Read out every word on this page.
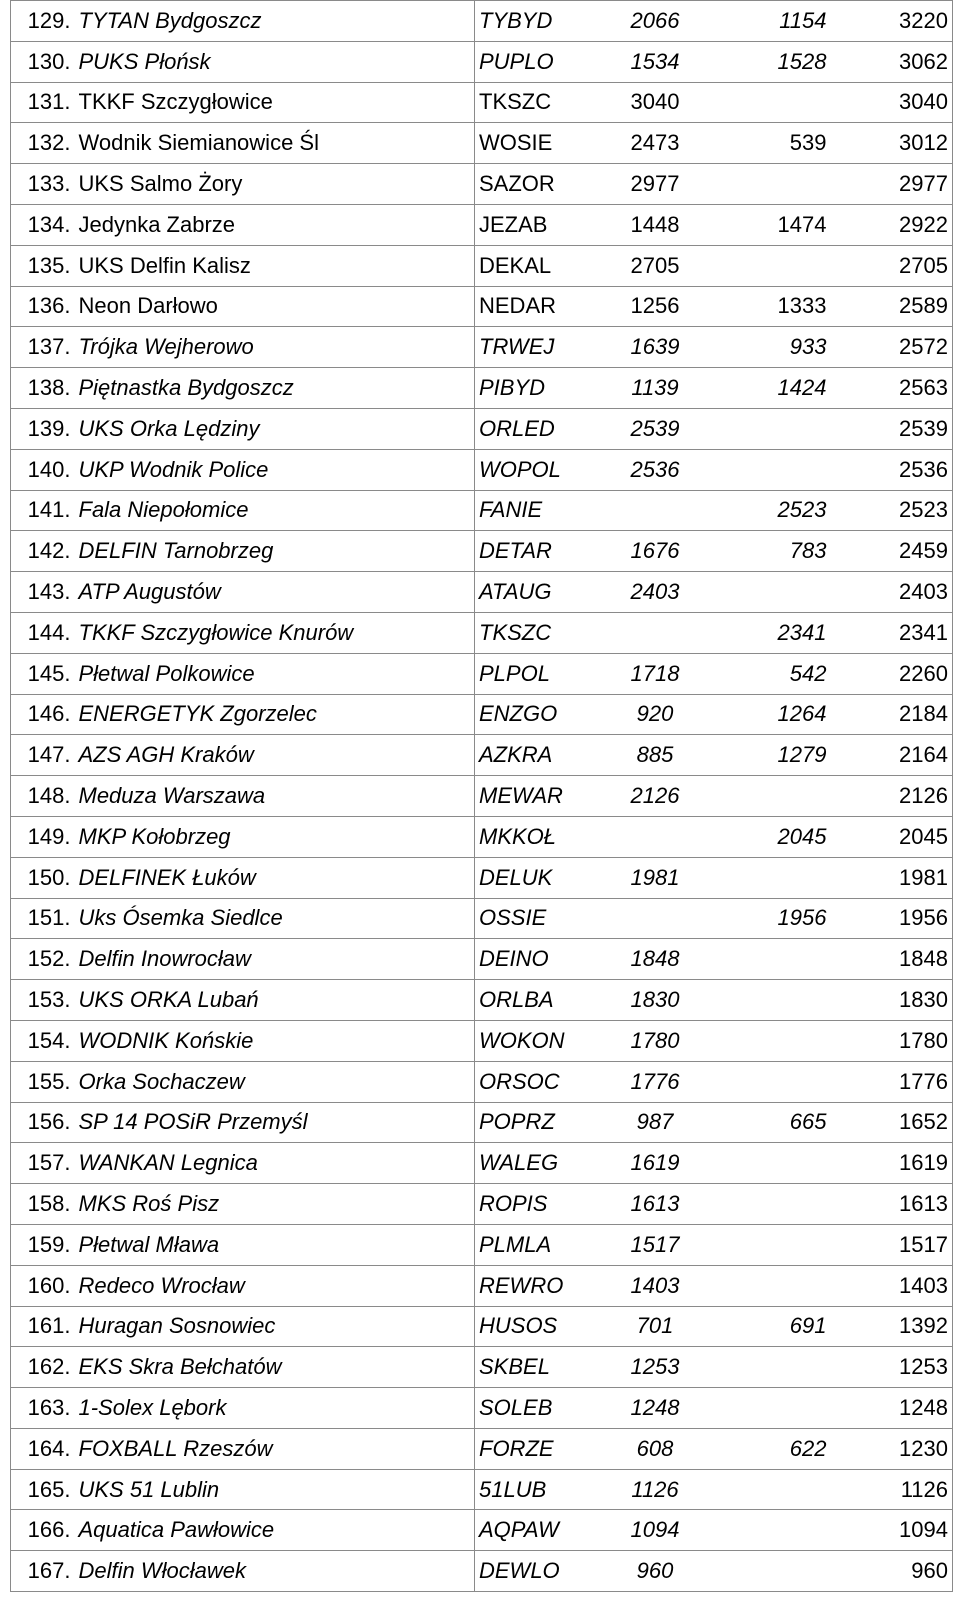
129.	TYTAN Bydgoszcz	TYBYD	2066	1154	3220
130.	PUKS Płońsk	PUPLO	1534	1528	3062
131.	TKKF Szczygłowice	TKSZC	3040		3040
132.	Wodnik Siemianowice Śl	WOSIE	2473	539	3012
133.	UKS Salmo Żory	SAZOR	2977		2977
134.	Jedynka Zabrze	JEZAB	1448	1474	2922
135.	UKS Delfin Kalisz	DEKAL	2705		2705
136.	Neon Darłowo	NEDAR	1256	1333	2589
137.	Trójka Wejherowo	TRWEJ	1639	933	2572
138.	Piętnastka Bydgoszcz	PIBYD	1139	1424	2563
139.	UKS Orka Lędziny	ORLED	2539		2539
140.	UKP Wodnik Police	WOPOL	2536		2536
141.	Fala Niepołomice	FANIE		2523	2523
142.	DELFIN Tarnobrzeg	DETAR	1676	783	2459
143.	ATP Augustów	ATAUG	2403		2403
144.	TKKF Szczygłowice Knurów	TKSZC		2341	2341
145.	Płetwal Polkowice	PLPOL	1718	542	2260
146.	ENERGETYK Zgorzelec	ENZGO	920	1264	2184
147.	AZS AGH Kraków	AZKRA	885	1279	2164
148.	Meduza Warszawa	MEWAR	2126		2126
149.	MKP Kołobrzeg	MKKOŁ		2045	2045
150.	DELFINEK Łuków	DELUK	1981		1981
151.	Uks Ósemka Siedlce	OSSIE		1956	1956
152.	Delfin Inowrocław	DEINO	1848		1848
153.	UKS ORKA Lubań	ORLBA	1830		1830
154.	WODNIK Końskie	WOKON	1780		1780
155.	Orka Sochaczew	ORSOC	1776		1776
156.	SP 14 POSiR Przemyśl	POPRZ	987	665	1652
157.	WANKAN Legnica	WALEG	1619		1619
158.	MKS Roś Pisz	ROPIS	1613		1613
159.	Płetwal Mława	PLMLA	1517		1517
160.	Redeco Wrocław	REWRO	1403		1403
161.	Huragan Sosnowiec	HUSOS	701	691	1392
162.	EKS Skra Bełchatów	SKBEL	1253		1253
163.	1-Solex Lębork	SOLEB	1248		1248
164.	FOXBALL Rzeszów	FORZE	608	622	1230
165.	UKS 51 Lublin	51LUB	1126		1126
166.	Aquatica Pawłowice	AQPAW	1094		1094
167.	Delfin Włocławek	DEWLO	960		960
